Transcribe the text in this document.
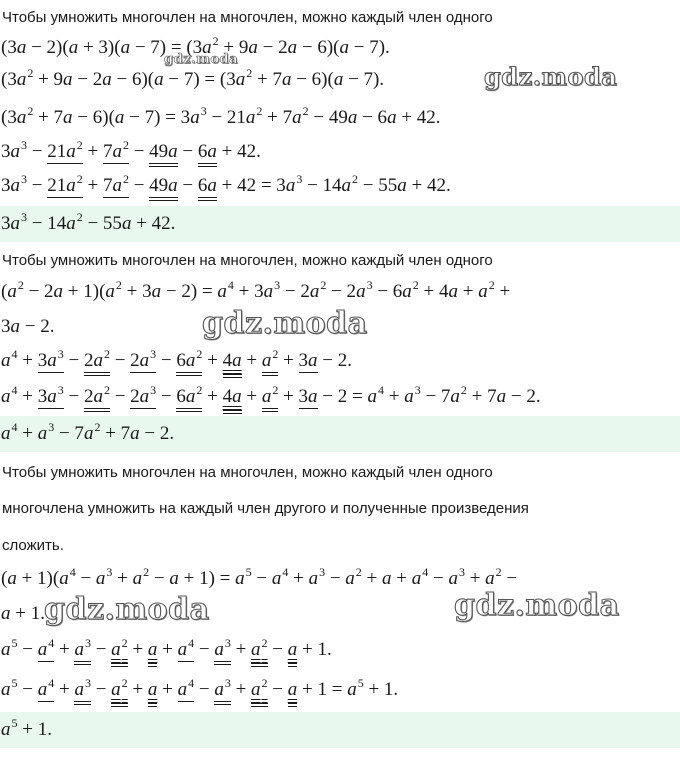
Чтобы умножить многочлен на многочлен, можно каждый член одного
$(3a - 2)(a + 3)(a - 7) = (3a^2 + 9a - 2a - 6)(a - 7)$.
$(3a^2 + 9a - 2a - 6)(a - 7) = (3a^2 + 7a - 6)(a - 7)$.
$(3a^2 + 7a - 6)(a - 7) = 3a^3 - 21a^2 + 7a^2 - 49a - 6a + 42$.
$3a^3 - 21a^2 + 7a^2 - 49a - 6a + 42$.
$3a^3 - 21a^2 + 7a^2 - 49a - 6a + 42 = 3a^3 - 14a^2 - 55a + 42$.
$3a^3 - 14a^2 - 55a + 42$.
Чтобы умножить многочлен на многочлен, можно каждый член одного
$(a^2 - 2a + 1)(a^2 + 3a - 2) = a^4 + 3a^3 - 2a^2 - 2a^3 - 6a^2 + 4a + a^2$ +
3a − 2.
$a^4 + 3a^3 - 2a^2 - 2a^3 - 6a^2 + 4a + a^2 + 3a - 2$.
$a^4 + 3a^3 - 2a^2 - 2a^3 - 6a^2 + 4a + a^2 + 3a - 2 = a^4 + a^3 - 7a^2 + 7a - 2$.
$a^4 + a^3 - 7a^2 + 7a - 2$.
Чтобы умножить многочлен на многочлен, можно каждый член одного
многочлена умножить на каждый член другого и полученные произведения
сложить.
$(a + 1)(a^4 - a^3 + a^2 - a + 1) = a^5 - a^4 + a^3 - a^2 + a + a^4 - a^3 + a^2$ −
a + 1.
$a^5 - a^4 + a^3 - a^2 + a + a^4 - a^3 + a^2 - a + 1$.
$a^5 - a^4 + a^3 - a^2 + a + a^4 - a^3 + a^2 - a + 1 = a^5 + 1$.
$a^5 + 1$.
gdz.moda
gdz.moda
gdz.moda
gdz.moda	gdz.moda
